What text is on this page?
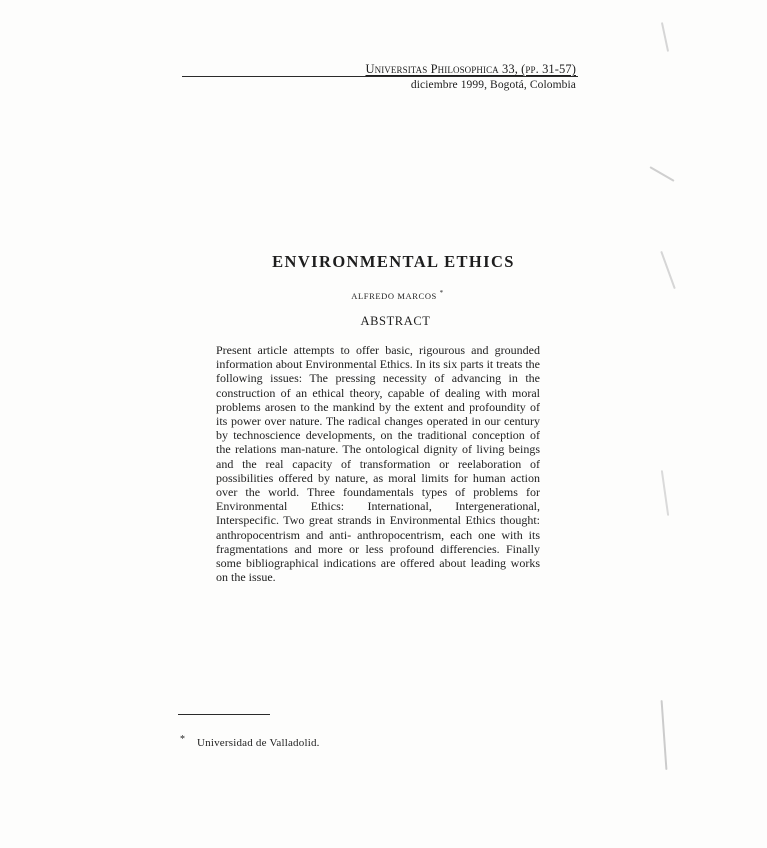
Universitas Philosophica 33, (pp. 31-57)
diciembre 1999, Bogotá, Colombia
ENVIRONMENTAL ETHICS
ALFREDO MARCOS *
ABSTRACT

Present article attempts to offer basic, rigourous and grounded information about Environmental Ethics. In its six parts it treats the following issues: The pressing necessity of advancing in the construction of an ethical theory, capable of dealing with moral problems arosen to the mankind by the extent and profoundity of its power over nature. The radical changes operated in our century by technoscience developments, on the traditional conception of the relations man-nature. The ontological dignity of living beings and the real capacity of transformation or reelaboration of possibilities offered by nature, as moral limits for human action over the world. Three foundamentals types of problems for Environmental Ethics: International, Intergenerational, Interspecific. Two great strands in Environmental Ethics thought: anthropocentrism and anti- anthropocentrism, each one with its fragmentations and more or less profound differencies. Finally some bibliographical indications are offered about leading works on the issue.

* Universidad de Valladolid.
